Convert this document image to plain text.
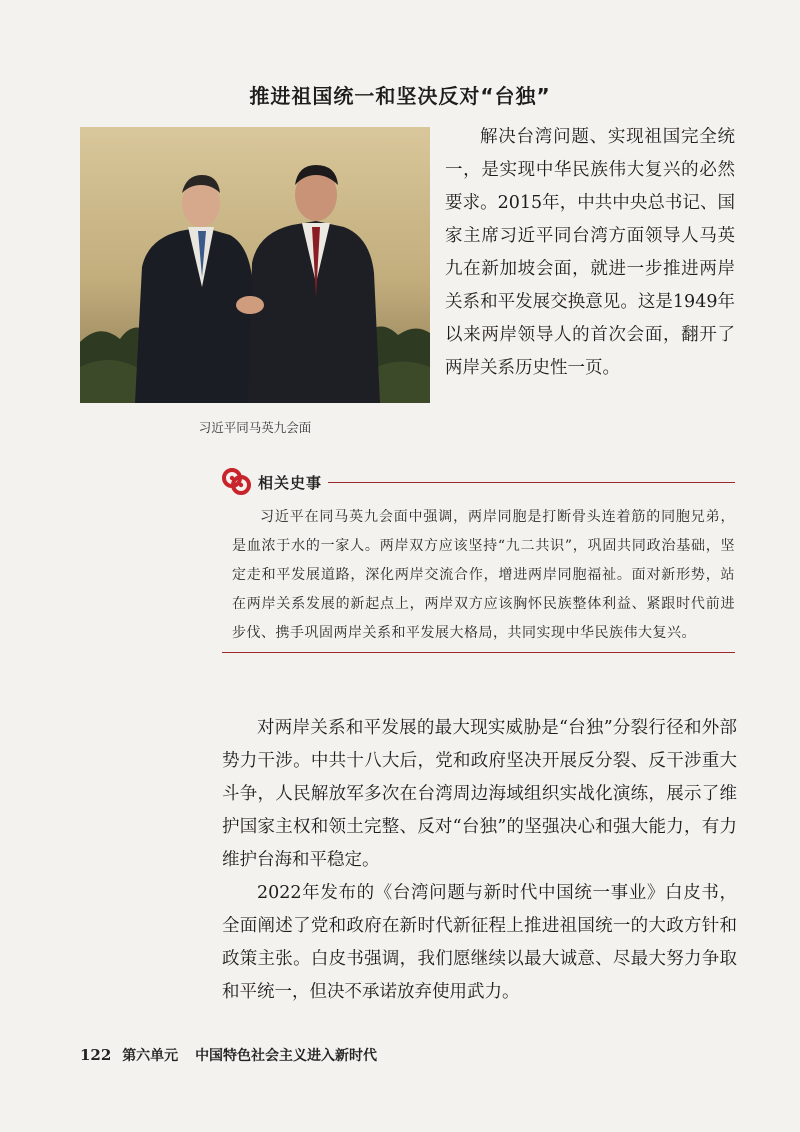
推进祖国统一和坚决反对“台独”
习近平同马英九会面

解决台湾问题、实现祖国完全统一，是实现中华民族伟大复兴的必然要求。2015年，中共中央总书记、国家主席习近平同台湾方面领导人马英九在新加坡会面，就进一步推进两岸关系和平发展交换意见。这是1949年以来两岸领导人的首次会面，翻开了两岸关系历史性一页。

相关史事

习近平在同马英九会面中强调，两岸同胞是打断骨头连着筋的同胞兄弟，是血浓于水的一家人。两岸双方应该坚持“九二共识”，巩固共同政治基础，坚定走和平发展道路，深化两岸交流合作，增进两岸同胞福祉。面对新形势，站在两岸关系发展的新起点上，两岸双方应该胸怀民族整体利益、紧跟时代前进步伐、携手巩固两岸关系和平发展大格局，共同实现中华民族伟大复兴。

对两岸关系和平发展的最大现实威胁是“台独”分裂行径和外部势力干涉。中共十八大后，党和政府坚决开展反分裂、反干涉重大斗争，人民解放军多次在台湾周边海域组织实战化演练，展示了维护国家主权和领土完整、反对“台独”的坚强决心和强大能力，有力维护台海和平稳定。

2022年发布的《台湾问题与新时代中国统一事业》白皮书，全面阐述了党和政府在新时代新征程上推进祖国统一的大政方针和政策主张。白皮书强调，我们愿继续以最大诚意、尽最大努力争取和平统一，但决不承诺放弃使用武力。

122 第六单元 中国特色社会主义进入新时代
